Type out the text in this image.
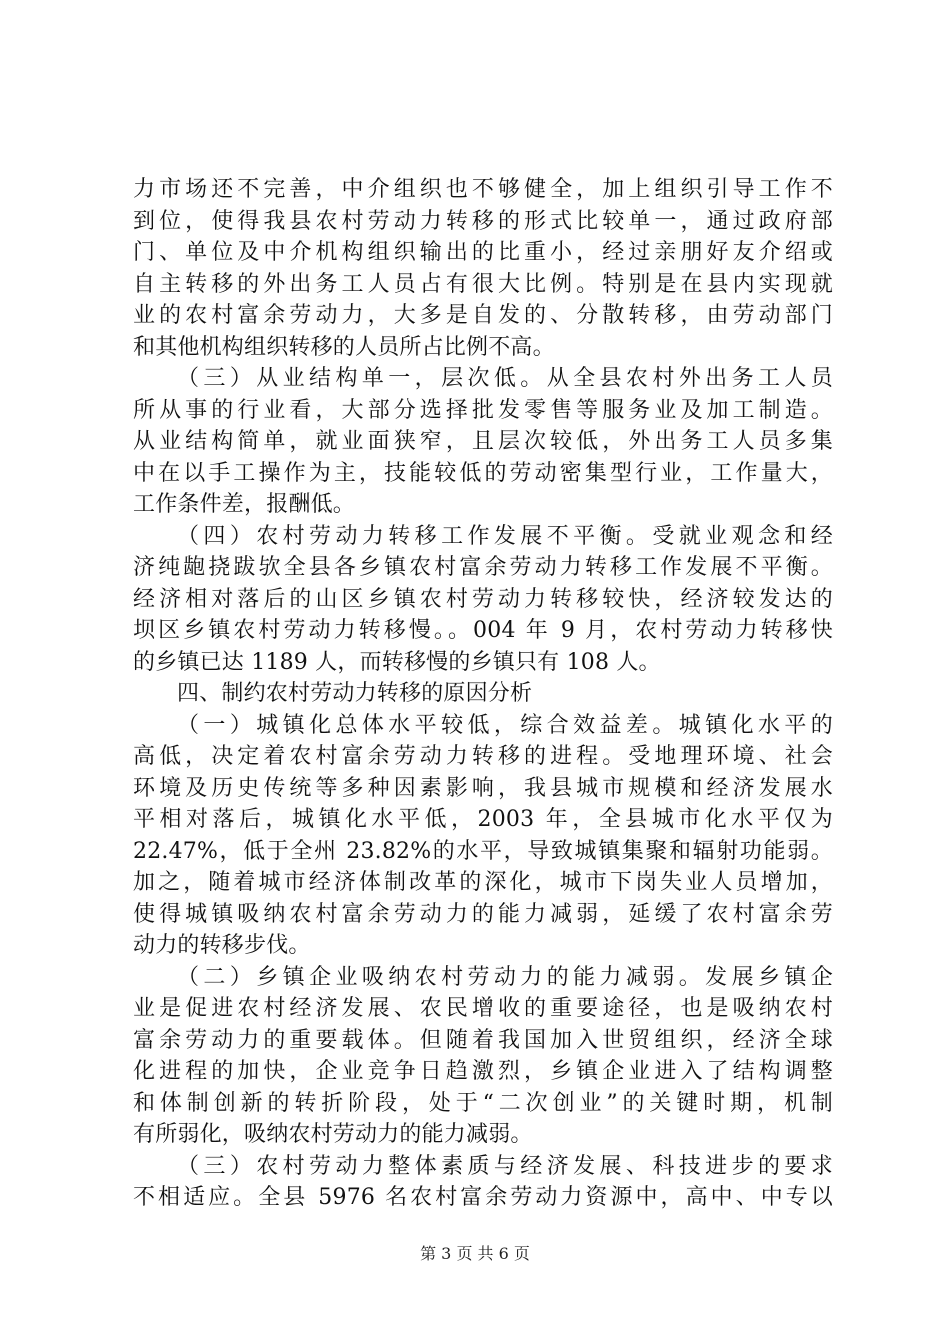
力市场还不完善，中介组织也不够健全，加上组织引导工作不
到位，使得我县农村劳动力转移的形式比较单一，通过政府部
门、单位及中介机构组织输出的比重小，经过亲朋好友介绍或
自主转移的外出务工人员占有很大比例。特别是在县内实现就
业的农村富余劳动力，大多是自发的、分散转移，由劳动部门
和其他机构组织转移的人员所占比例不高。
（三）从业结构单一，层次低。从全县农村外出务工人员
所从事的行业看，大部分选择批发零售等服务业及加工制造。
从业结构简单，就业面狭窄，且层次较低，外出务工人员多集
中在以手工操作为主，技能较低的劳动密集型行业，工作量大，
工作条件差，报酬低。
（四）农村劳动力转移工作发展不平衡。受就业观念和经
济纯龅挠跋欤全县各乡镇农村富余劳动力转移工作发展不平衡。
经济相对落后的山区乡镇农村劳动力转移较快，经济较发达的
坝区乡镇农村劳动力转移慢。。004 年 9 月，农村劳动力转移快
的乡镇已达 1189 人，而转移慢的乡镇只有 108 人。
四、制约农村劳动力转移的原因分析
（一）城镇化总体水平较低，综合效益差。城镇化水平的
高低，决定着农村富余劳动力转移的进程。受地理环境、社会
环境及历史传统等多种因素影响，我县城市规模和经济发展水
平相对落后，城镇化水平低，2003 年，全县城市化水平仅为
22.47%，低于全州 23.82%的水平，导致城镇集聚和辐射功能弱。
加之，随着城市经济体制改革的深化，城市下岗失业人员增加，
使得城镇吸纳农村富余劳动力的能力减弱，延缓了农村富余劳
动力的转移步伐。
（二）乡镇企业吸纳农村劳动力的能力减弱。发展乡镇企
业是促进农村经济发展、农民增收的重要途径，也是吸纳农村
富余劳动力的重要载体。但随着我国加入世贸组织，经济全球
化进程的加快，企业竞争日趋激烈，乡镇企业进入了结构调整
和体制创新的转折阶段，处于“二次创业”的关键时期，机制
有所弱化，吸纳农村劳动力的能力减弱。
（三）农村劳动力整体素质与经济发展、科技进步的要求
不相适应。全县 5976 名农村富余劳动力资源中，高中、中专以
第 3 页 共 6 页
